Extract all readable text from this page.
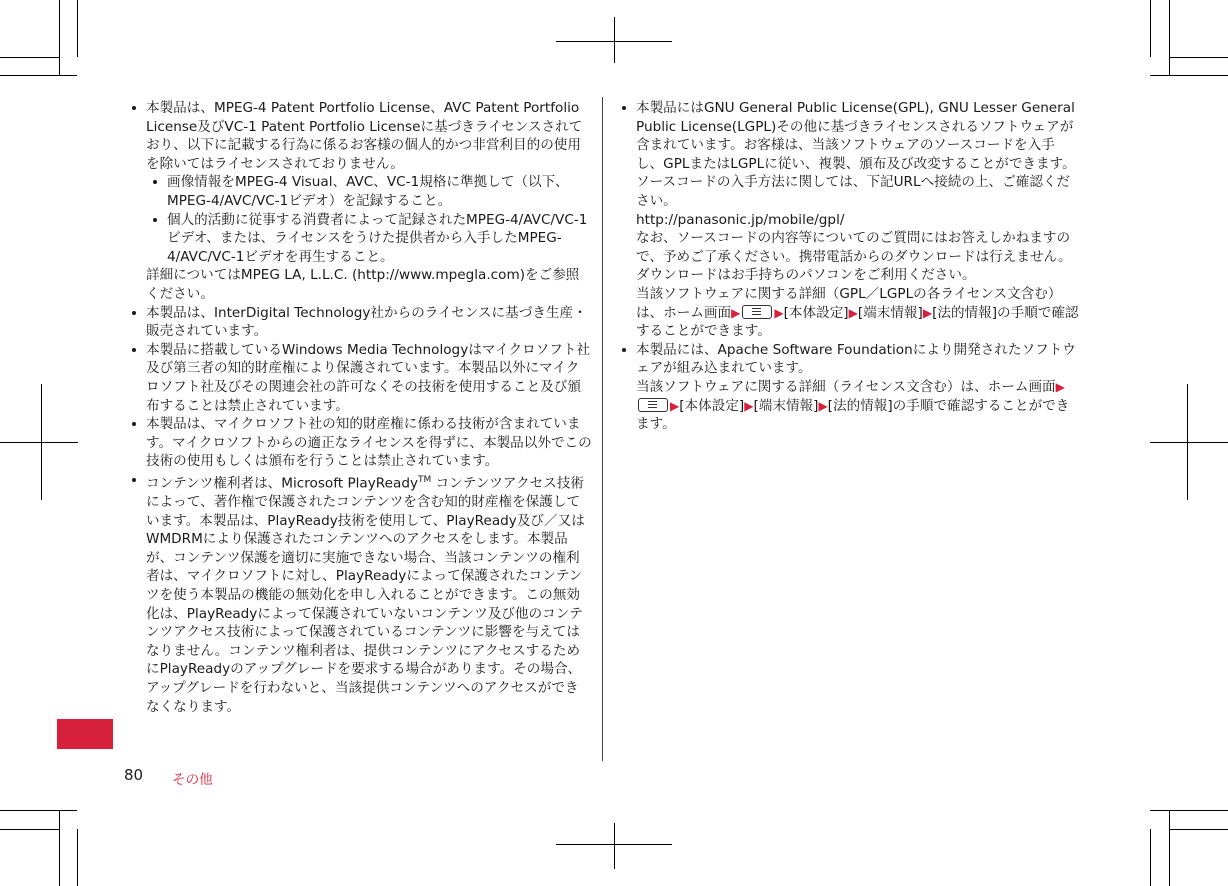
本製品は、MPEG-4 Patent Portfolio License、AVC Patent Portfolio License及びVC-1 Patent Portfolio Licenseに基づきライセンスされており、以下に記載する行為に係るお客様の個人的かつ非営利目的の使用を除いてはライセンスされておりません。

画像情報をMPEG-4 Visual、AVC、VC-1規格に準拠して（以下、MPEG-4/AVC/VC-1ビデオ）を記録すること。

個人的活動に従事する消費者によって記録されたMPEG-4/AVC/VC-1ビデオ、または、ライセンスをうけた提供者から入手したMPEG-4/AVC/VC-1ビデオを再生すること。

詳細についてはMPEG LA, L.L.C. (http://www.mpegla.com)をご参照ください。

本製品は、InterDigital Technology社からのライセンスに基づき生産・販売されています。

本製品に搭載しているWindows Media Technologyはマイクロソフト社及び第三者の知的財産権により保護されています。本製品以外にマイクロソフト社及びその関連会社の許可なくその技術を使用すること及び頒布することは禁止されています。

本製品は、マイクロソフト社の知的財産権に係わる技術が含まれています。マイクロソフトからの適正なライセンスを得ずに、本製品以外でこの技術の使用もしくは頒布を行うことは禁止されています。

コンテンツ権利者は、Microsoft PlayReady™ コンテンツアクセス技術によって、著作権で保護されたコンテンツを含む知的財産権を保護しています。本製品は、PlayReady技術を使用して、PlayReady及び／又は WMDRMにより保護されたコンテンツへのアクセスをします。本製品が、コンテンツ保護を適切に実施できない場合、当該コンテンツの権利者は、マイクロソフトに対し、PlayReadyによって保護されたコンテンツを使う本製品の機能の無効化を申し入れることができます。この無効化は、PlayReadyによって保護されていないコンテンツ及び他のコンテンツアクセス技術によって保護されているコンテンツに影響を与えてはなりません。コンテンツ権利者は、提供コンテンツにアクセスするためにPlayReadyのアップグレードを要求する場合があります。その場合、アップグレードを行わないと、当該提供コンテンツへのアクセスができなくなります。

本製品にはGNU General Public License(GPL), GNU Lesser General Public License(LGPL)その他に基づきライセンスされるソフトウェアが含まれています。お客様は、当該ソフトウェアのソースコードを入手し、GPLまたはLGPLに従い、複製、頒布及び改変することができます。ソースコードの入手方法に関しては、下記URLへ接続の上、ご確認ください。

http://panasonic.jp/mobile/gpl/

なお、ソースコードの内容等についてのご質問にはお答えしかねますので、予めご了承ください。携帯電話からのダウンロードは行えません。ダウンロードはお手持ちのパソコンをご利用ください。

当該ソフトウェアに関する詳細（GPL／LGPLの各ライセンス文含む）は、ホーム画面▶	▶[本体設定]▶[端末情報]▶[法的情報]の手順で確認することができます。

本製品には、Apache Software Foundationにより開発されたソフトウェアが組み込まれています。

当該ソフトウェアに関する詳細（ライセンス文含む）は、ホーム画面▶▶[本体設定]▶[端末情報]▶[法的情報]の手順で確認することができます。

80 その他
